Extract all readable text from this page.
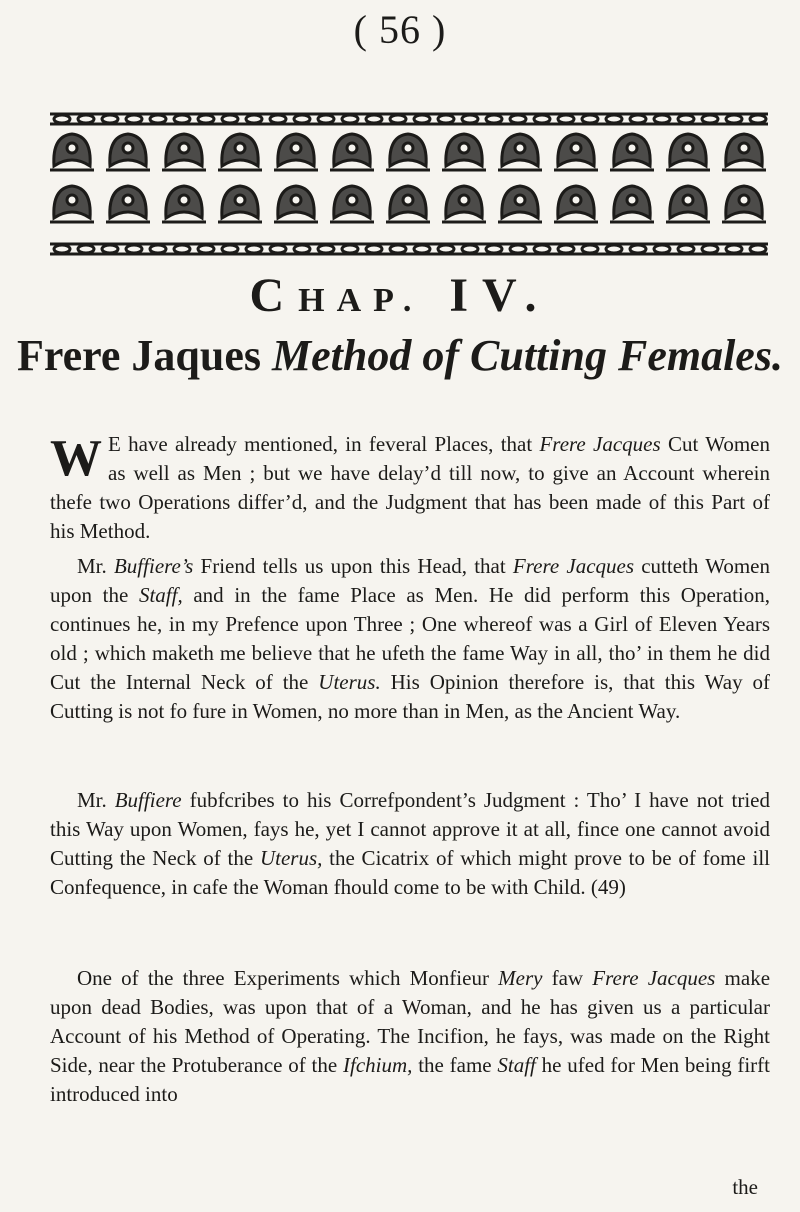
( 56 )
CHAP. IV.
Frere Jaques Method of Cutting Females.

W E have already mentioned, in feveral Places, that Frere Jacques Cut Women as well as Men ; but we have delay’d till now, to give an Account wherein thefe two Operations differ’d, and the Judgment that has been made of this Part of his Method.

Mr. Buffiere’s Friend tells us upon this Head, that Frere Jacques cutteth Women upon the Staff, and in the fame Place as Men. He did perform this Operation, continues he, in my Prefence upon Three ; One whereof was a Girl of Eleven Years old ; which maketh me believe that he ufeth the fame Way in all, tho’ in them he did Cut the Internal Neck of the Uterus. His Opinion therefore is, that this Way of Cutting is not fo fure in Women, no more than in Men, as the Ancient Way.

Mr. Buffiere fubfcribes to his Correfpondent’s Judgment : Tho’ I have not tried this Way upon Women, fays he, yet I cannot approve it at all, fince one cannot avoid Cutting the Neck of the Uterus, the Cicatrix of which might prove to be of fome ill Confequence, in cafe the Woman fhould come to be with Child. (49)

One of the three Experiments which Monfieur Mery faw Frere Jacques make upon dead Bodies, was upon that of a Woman, and he has given us a particular Account of his Method of Operating. The Incifion, he fays, was made on the Right Side, near the Protuberance of the Ifchium, the fame Staff he ufed for Men being firft introduced into

the
